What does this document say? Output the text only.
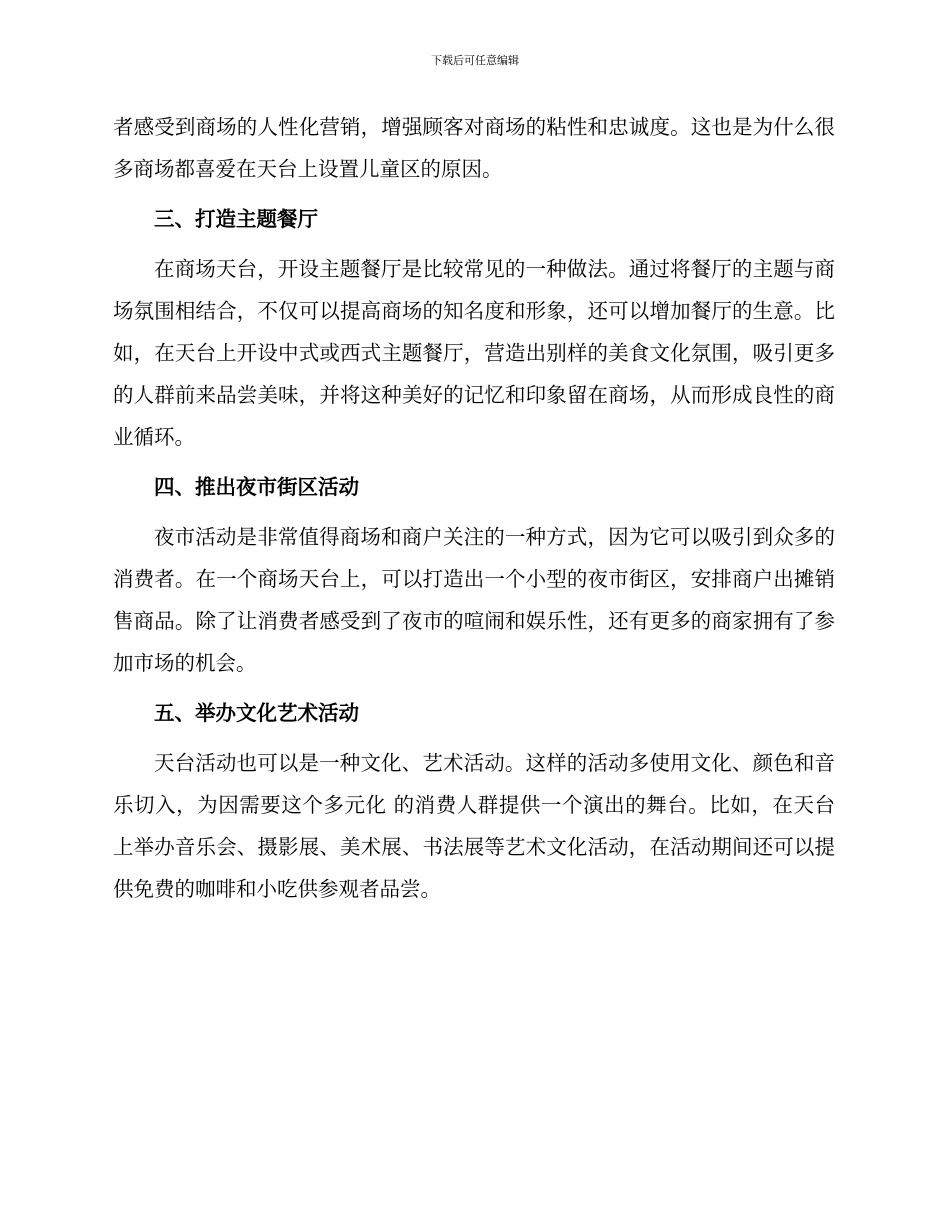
下载后可任意编辑

者感受到商场的人性化营销，增强顾客对商场的粘性和忠诚度。这也是为什么很多商场都喜爱在天台上设置儿童区的原因。

三、打造主题餐厅

在商场天台，开设主题餐厅是比较常见的一种做法。通过将餐厅的主题与商场氛围相结合，不仅可以提高商场的知名度和形象，还可以增加餐厅的生意。比如，在天台上开设中式或西式主题餐厅，营造出别样的美食文化氛围，吸引更多的人群前来品尝美味，并将这种美好的记忆和印象留在商场，从而形成良性的商业循环。

四、推出夜市街区活动

夜市活动是非常值得商场和商户关注的一种方式，因为它可以吸引到众多的消费者。在一个商场天台上，可以打造出一个小型的夜市街区，安排商户出摊销售商品。除了让消费者感受到了夜市的喧闹和娱乐性，还有更多的商家拥有了参加市场的机会。

五、举办文化艺术活动

天台活动也可以是一种文化、艺术活动。这样的活动多使用文化、颜色和音乐切入，为因需要这个多元化 的消费人群提供一个演出的舞台。比如，在天台上举办音乐会、摄影展、美术展、书法展等艺术文化活动，在活动期间还可以提供免费的咖啡和小吃供参观者品尝。
